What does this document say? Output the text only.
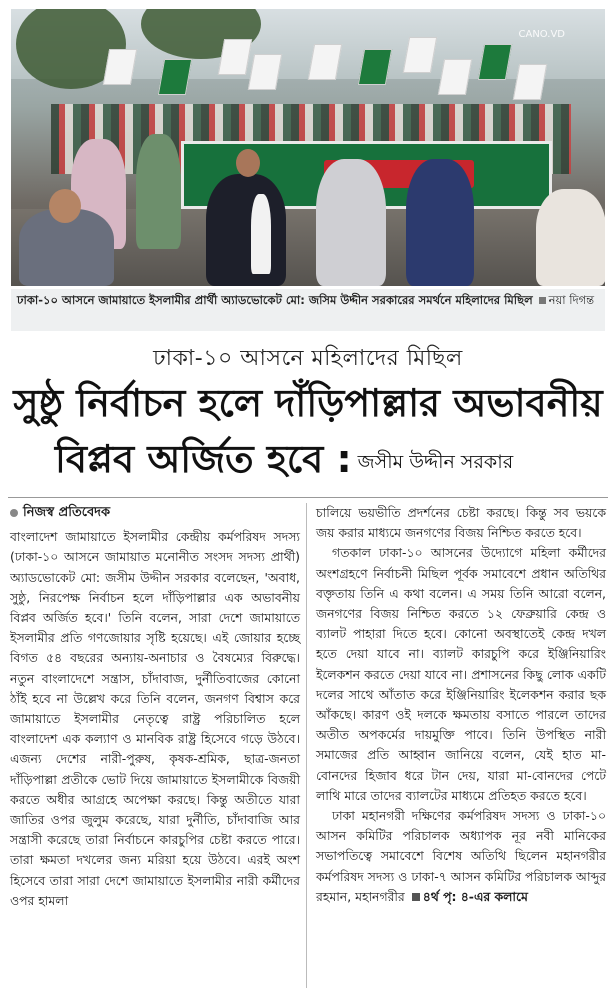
CANO.VD
ঢাকা-১০ আসনে জামায়াতে ইসলামীর প্রার্থী অ্যাডভোকেট মো: জসিম উদ্দীন সরকারের সমর্থনে মহিলাদের মিছিল নয়া দিগন্ত
ঢাকা-১০ আসনে মহিলাদের মিছিল
সুষ্ঠু নির্বাচন হলে দাঁড়িপাল্লার অভাবনীয়
বিপ্লব অর্জিত হবে : জসীম উদ্দীন সরকার

নিজস্ব প্রতিবেদক

বাংলাদেশ জামায়াতে ইসলামীর কেন্দ্রীয় কর্মপরিষদ সদস্য (ঢাকা-১০ আসনে জামায়াত মনোনীত সংসদ সদস্য প্রার্থী) অ্যাডভোকেট মো: জসীম উদ্দীন সরকার বলেছেন, 'অবাধ, সুষ্ঠু, নিরপেক্ষ নির্বাচন হলে দাঁড়িপাল্লার এক অভাবনীয় বিপ্লব অর্জিত হবে।' তিনি বলেন, সারা দেশে জামায়াতে ইসলামীর প্রতি গণজোয়ার সৃষ্টি হয়েছে। এই জোয়ার হচ্ছে বিগত ৫৪ বছরের অন্যায়-অনাচার ও বৈষম্যের বিরুদ্ধে। নতুন বাংলাদেশে সন্ত্রাস, চাঁদাবাজ, দুর্নীতিবাজের কোনো ঠাঁই হবে না উল্লেখ করে তিনি বলেন, জনগণ বিশ্বাস করে জামায়াতে ইসলামীর নেতৃত্বে রাষ্ট্র পরিচালিত হলে বাংলাদেশ এক কল্যাণ ও মানবিক রাষ্ট্র হিসেবে গড়ে উঠবে। এজন্য দেশের নারী-পুরুষ, কৃষক-শ্রমিক, ছাত্র-জনতা দাঁড়িপাল্লা প্রতীকে ভোট দিয়ে জামায়াতে ইসলামীকে বিজয়ী করতে অধীর আগ্রহে অপেক্ষা করছে। কিন্তু অতীতে যারা জাতির ওপর জুলুম করেছে, যারা দুর্নীতি, চাঁদাবাজি আর সন্ত্রাসী করেছে তারা নির্বাচনে কারচুপির চেষ্টা করতে পারে। তারা ক্ষমতা দখলের জন্য মরিয়া হয়ে উঠবে। এরই অংশ হিসেবে তারা সারা দেশে জামায়াতে ইসলামীর নারী কর্মীদের ওপর হামলা

চালিয়ে ভয়ভীতি প্রদর্শনের চেষ্টা করছে। কিন্তু সব ভয়কে জয় করার মাধ্যমে জনগণের বিজয় নিশ্চিত করতে হবে।

গতকাল ঢাকা-১০ আসনের উদ্যোগে মহিলা কর্মীদের অংশগ্রহণে নির্বাচনী মিছিল পূর্বক সমাবেশে প্রধান অতিথির বক্তৃতায় তিনি এ কথা বলেন। এ সময় তিনি আরো বলেন, জনগণের বিজয় নিশ্চিত করতে ১২ ফেব্রুয়ারি কেন্দ্র ও ব্যালট পাহারা দিতে হবে। কোনো অবস্থাতেই কেন্দ্র দখল হতে দেয়া যাবে না। ব্যালট কারচুপি করে ইঞ্জিনিয়ারিং ইলেকশন করতে দেয়া যাবে না। প্রশাসনের কিছু লোক একটি দলের সাথে আঁতাত করে ইঞ্জিনিয়ারিং ইলেকশন করার ছক আঁকছে। কারণ ওই দলকে ক্ষমতায় বসাতে পারলে তাদের অতীত অপকর্মের দায়মুক্তি পাবে। তিনি উপস্থিত নারী সমাজের প্রতি আহ্বান জানিয়ে বলেন, যেই হাত মা-বোনদের হিজাব ধরে টান দেয়, যারা মা-বোনদের পেটে লাথি মারে তাদের ব্যালটের মাধ্যমে প্রতিহত করতে হবে।

ঢাকা মহানগরী দক্ষিণের কর্মপরিষদ সদস্য ও ঢাকা-১০ আসন কমিটির পরিচালক অধ্যাপক নূর নবী মানিকের সভাপতিত্বে সমাবেশে বিশেষ অতিথি ছিলেন মহানগরীর কর্মপরিষদ সদস্য ও ঢাকা-৭ আসন কমিটির পরিচালক আব্দুর রহমান, মহানগরীর ৪র্থ পৃ: ৪-এর কলামে
